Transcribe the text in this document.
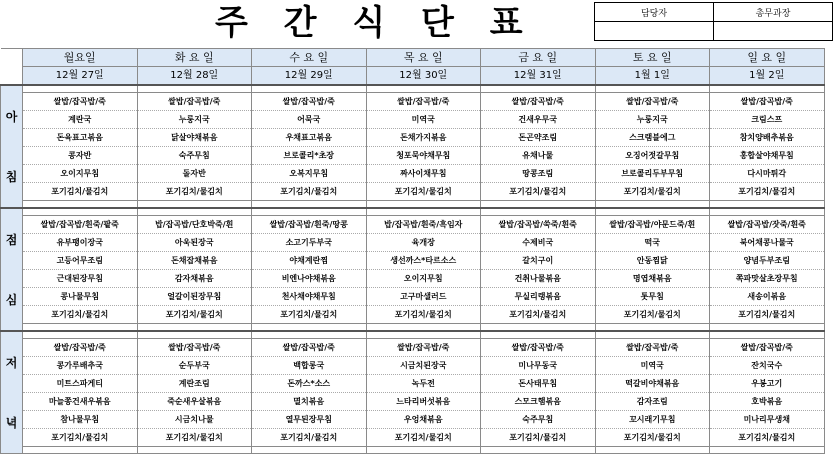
주 간 식 단 표	담당자	총무과장

	월요일	화 요 일	수 요 일	목 요 일	금 요 일	토 요 일	일 요 일
	12월 27일	12월 28일	12월 29일	12월 30일	12월 31일	1월 1일	1월 2일

아
침							

	쌀밥/잡곡밥/죽	쌀밥/잡곡밥/죽	쌀밥/잡곡밥/죽	쌀밥/잡곡밥/죽	쌀밥/잡곡밥/죽	쌀밥/잡곡밥/죽	쌀밥/잡곡밥/죽
	계란국	누룽지국	어묵국	미역국	건새우무국	누룽지국	크림스프
	돈육표고볶음	닭살야채볶음	우채표고볶음	돈채가지볶음	돈곤약조림	스크램블에그	참치양배추볶음
	콩자반	숙주무침	브로콜리*초장	청포묵야채무침	유채나물	오징어젓갈무침	홍합살야채무침
	오이지무침	돌자반	오복지무침	짜사이채무침	땅콩조림	브로콜리두부무침	다시마튀각
	포기김치/물김치	포기김치/물김치	포기김치/물김치	포기김치/물김치	포기김치/물김치	포기김치/물김치	포기김치/물김치

점
심							

	쌀밥/잡곡밥/흰죽/팥죽	밥/잡곡밥/단호박죽/흰	쌀밥/잡곡밥/흰죽/땅콩	밥/잡곡밥/흰죽/흑임자	쌀밥/잡곡밥/쑥죽/흰죽	쌀밥/잡곡밥/야문드죽/흰	쌀밥/잡곡밥/잣죽/흰죽
	유부팽이장국	아욱된장국	소고기두부국	육개장	수제비국	떡국	북어채콩나물국
	고등어무조림	돈채잡채볶음	야채계란찜	생선까스*타르소스	갈치구이	안동찜닭	양념두부조림
	근대된장무침	감자채볶음	비엔나야채볶음	오이지무침	건취나물볶음	명엽채볶음	쪽파맛살초장무침
	콩나물무침	얼갈이된장무침	천사채야채무침	고구마샐러드	무실리랭볶음	톳무침	새송이볶음
	포기김치/물김치	포기김치/물김치	포기김치/물김치	포기김치/물김치	포기김치/물김치	포기김치/물김치	포기김치/물김치

저
녁							

	쌀밥/잡곡밥/죽	쌀밥/잡곡밥/죽	쌀밥/잡곡밥/죽	쌀밥/잡곡밥/죽	쌀밥/잡곡밥/죽	쌀밥/잡곡밥/죽	쌀밥/잡곡밥/죽
	콩가루배추국	순두부국	백합롱국	시금치된장국	미나무동국	미역국	잔치국수
	미트스파게티	계란조림	돈까스*소스	녹두전	돈사태무침	떡갈비야채볶음	우봉고기
	마늘쫑건새우볶음	죽순새우살볶음	멸치볶음	느타리버섯볶음	스모크햄볶음	감자조림	호박볶음
	참나물무침	시금치나물	열무된장무침	우엉채볶음	숙주무침	꼬시래기무침	미나리무생채
	포기김치/물김치	포기김치/물김치	포기김치/물김치	포기김치/물김치	포기김치/물김치	포기김치/물김치	포기김치/물김치
